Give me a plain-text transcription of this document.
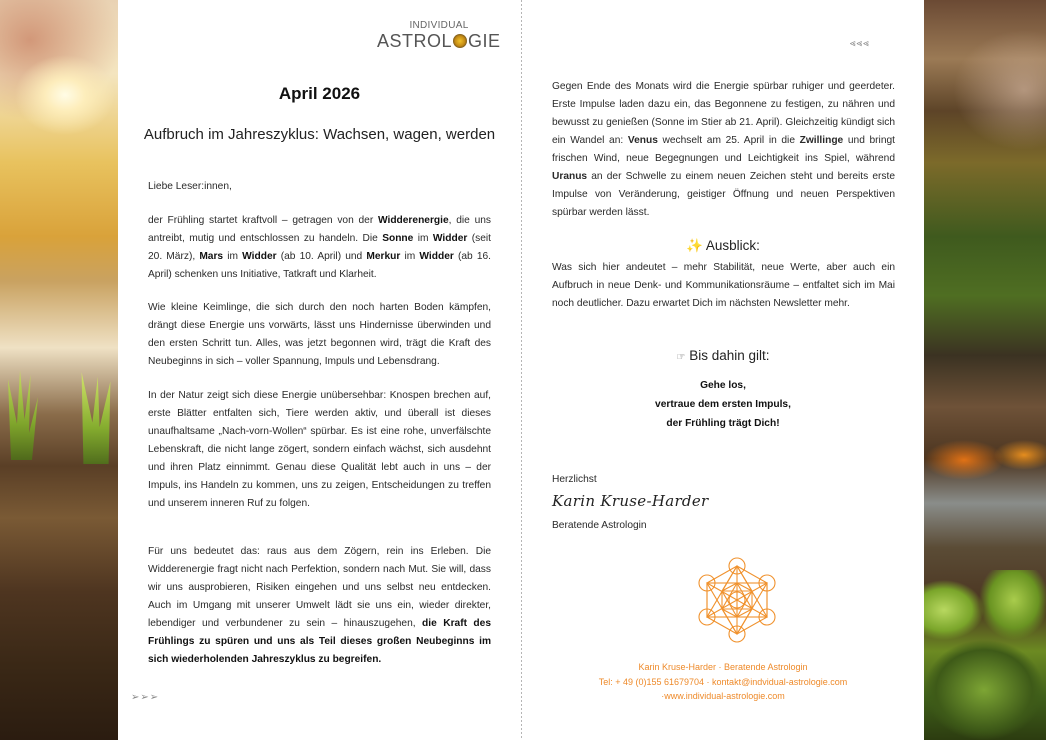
INDIVIDUAL
ASTROL GIE
April 2026
Aufbruch im Jahreszyklus: Wachsen, wagen, werden
Liebe Leser:innen,
der Frühling startet kraftvoll – getragen von der Widderenergie, die uns antreibt, mutig und entschlossen zu handeln. Die Sonne im Widder (seit 20. März), Mars im Widder (ab 10. April) und Merkur im Widder (ab 16. April) schenken uns Initiative, Tatkraft und Klarheit.
Wie kleine Keimlinge, die sich durch den noch harten Boden kämpfen, drängt diese Energie uns vorwärts, lässt uns Hindernisse überwinden und den ersten Schritt tun. Alles, was jetzt begonnen wird, trägt die Kraft des Neubeginns in sich – voller Spannung, Impuls und Lebensdrang.
In der Natur zeigt sich diese Energie unübersehbar: Knospen brechen auf, erste Blätter entfalten sich, Tiere werden aktiv, und überall ist dieses unaufhaltsame „Nach-vorn-Wollen“ spürbar. Es ist eine rohe, unverfälschte Lebenskraft, die nicht lange zögert, sondern einfach wächst, sich ausdehnt und ihren Platz einnimmt. Genau diese Qualität lebt auch in uns – der Impuls, ins Handeln zu kommen, uns zu zeigen, Entscheidungen zu treffen und unserem inneren Ruf zu folgen.
Für uns bedeutet das: raus aus dem Zögern, rein ins Erleben. Die Widderenergie fragt nicht nach Perfektion, sondern nach Mut. Sie will, dass wir uns ausprobieren, Risiken eingehen und uns selbst neu entdecken. Auch im Umgang mit unserer Umwelt lädt sie uns ein, wieder direkter, lebendiger und verbundener zu sein – hinauszugehen, die Kraft des Frühlings zu spüren und uns als Teil dieses großen Neubeginns im sich wiederholenden Jahreszyklus zu begreifen.
➢➢➢
⪡⪡⪡
Gegen Ende des Monats wird die Energie spürbar ruhiger und geerdeter. Erste Impulse laden dazu ein, das Begonnene zu festigen, zu nähren und bewusst zu genießen (Sonne im Stier ab 21. April). Gleichzeitig kündigt sich ein Wandel an: Venus wechselt am 25. April in die Zwillinge und bringt frischen Wind, neue Begegnungen und Leichtigkeit ins Spiel, während Uranus an der Schwelle zu einem neuen Zeichen steht und bereits erste Impulse von Veränderung, geistiger Öffnung und neuen Perspektiven spürbar werden lässt.
✨ Ausblick:
Was sich hier andeutet – mehr Stabilität, neue Werte, aber auch ein Aufbruch in neue Denk- und Kommunikationsräume – entfaltet sich im Mai noch deutlicher. Dazu erwartet Dich im nächsten Newsletter mehr.
☞ Bis dahin gilt:
Gehe los,
vertraue dem ersten Impuls,
der Frühling trägt Dich!
Herzlichst
Karin Kruse-Harder
Beratende Astrologin
Karin Kruse-Harder · Beratende Astrologin
Tel: + 49 (0)155 61679704 · kontakt@indvidual-astrologie.com
·www.individual-astrologie.com
